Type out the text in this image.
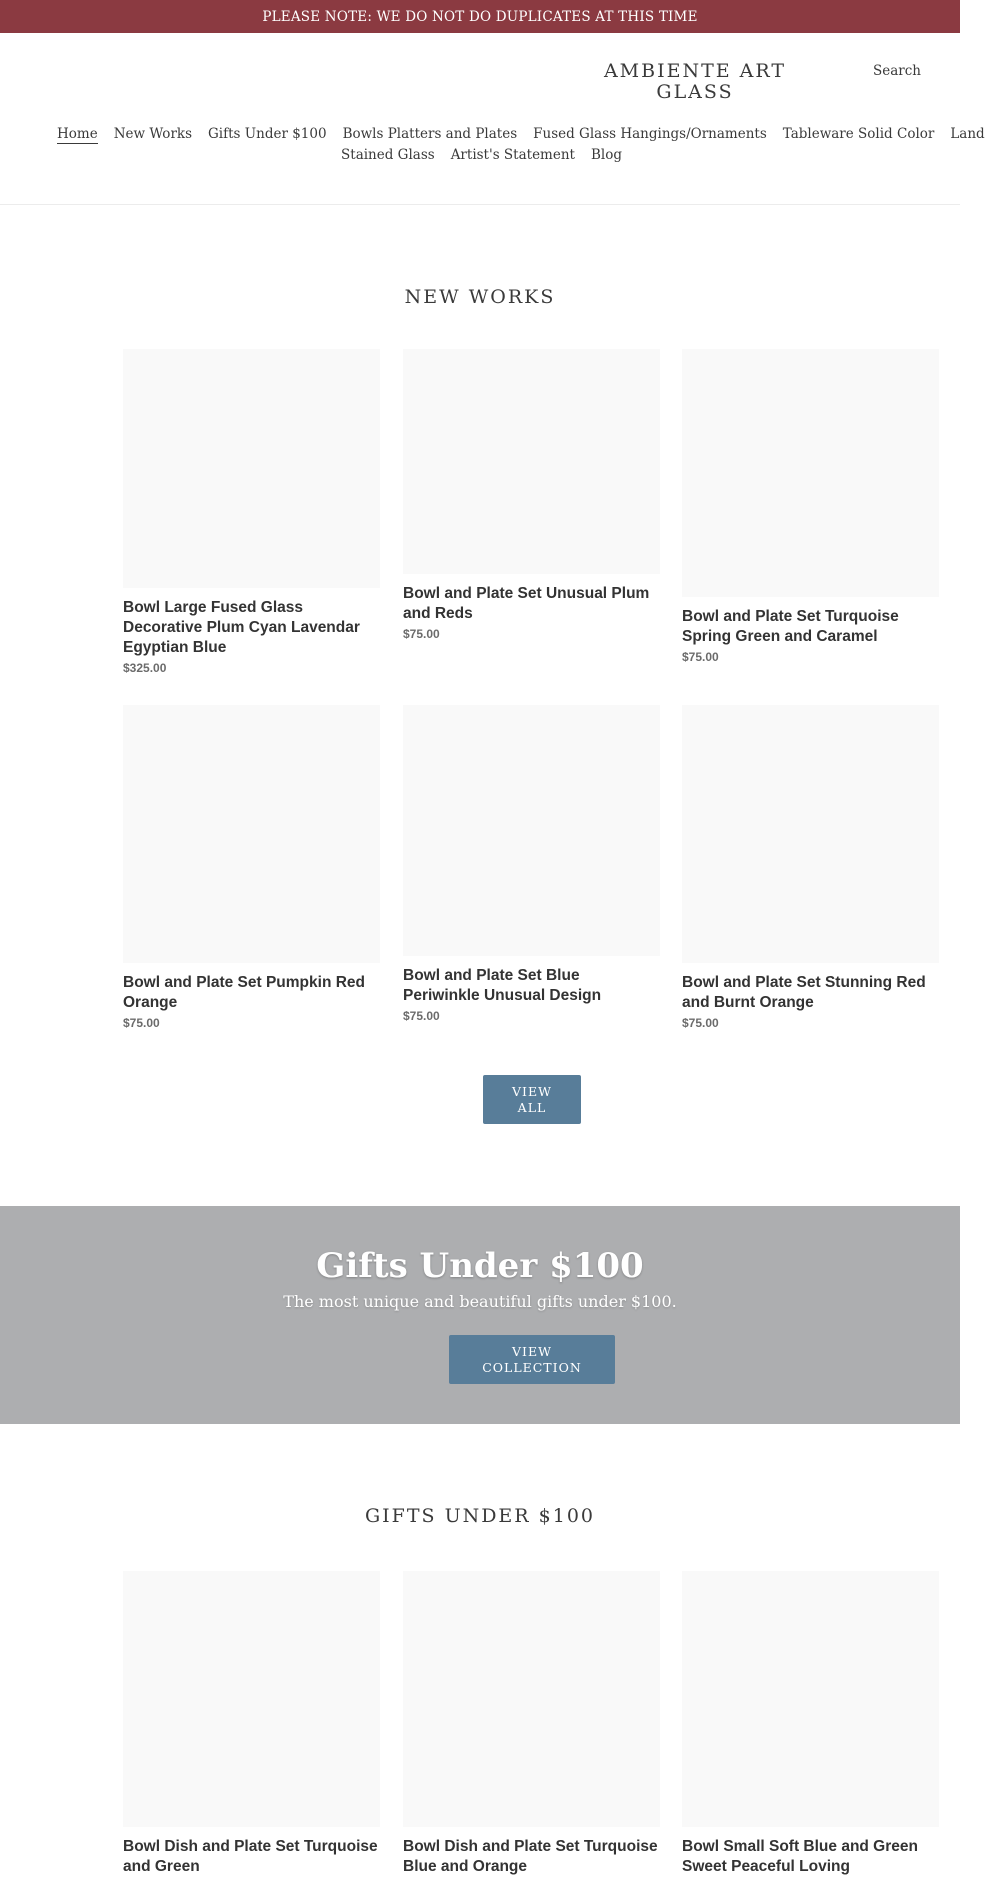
PLEASE NOTE: WE DO NOT DO DUPLICATES AT THIS TIME
AMBIENTE ART GLASS
Search
Home New Works Gifts Under $100 Bowls Platters and Plates Fused Glass Hangings/Ornaments Tableware Solid Color Land
Stained Glass Artist's Statement Blog
NEW WORKS
Bowl Large Fused Glass Decorative Plum Cyan Lavendar Egyptian Blue
$325.00
Bowl and Plate Set Unusual Plum and Reds
$75.00
Bowl and Plate Set Turquoise Spring Green and Caramel
$75.00
Bowl and Plate Set Pumpkin Red Orange
$75.00
Bowl and Plate Set Blue Periwinkle Unusual Design
$75.00
Bowl and Plate Set Stunning Red and Burnt Orange
$75.00
VIEW ALL
Gifts Under $100
The most unique and beautiful gifts under $100.
VIEW COLLECTION
GIFTS UNDER $100
Bowl Dish and Plate Set Turquoise and Green
Bowl Dish and Plate Set Turquoise Blue and Orange
Bowl Small Soft Blue and Green Sweet Peaceful Loving
